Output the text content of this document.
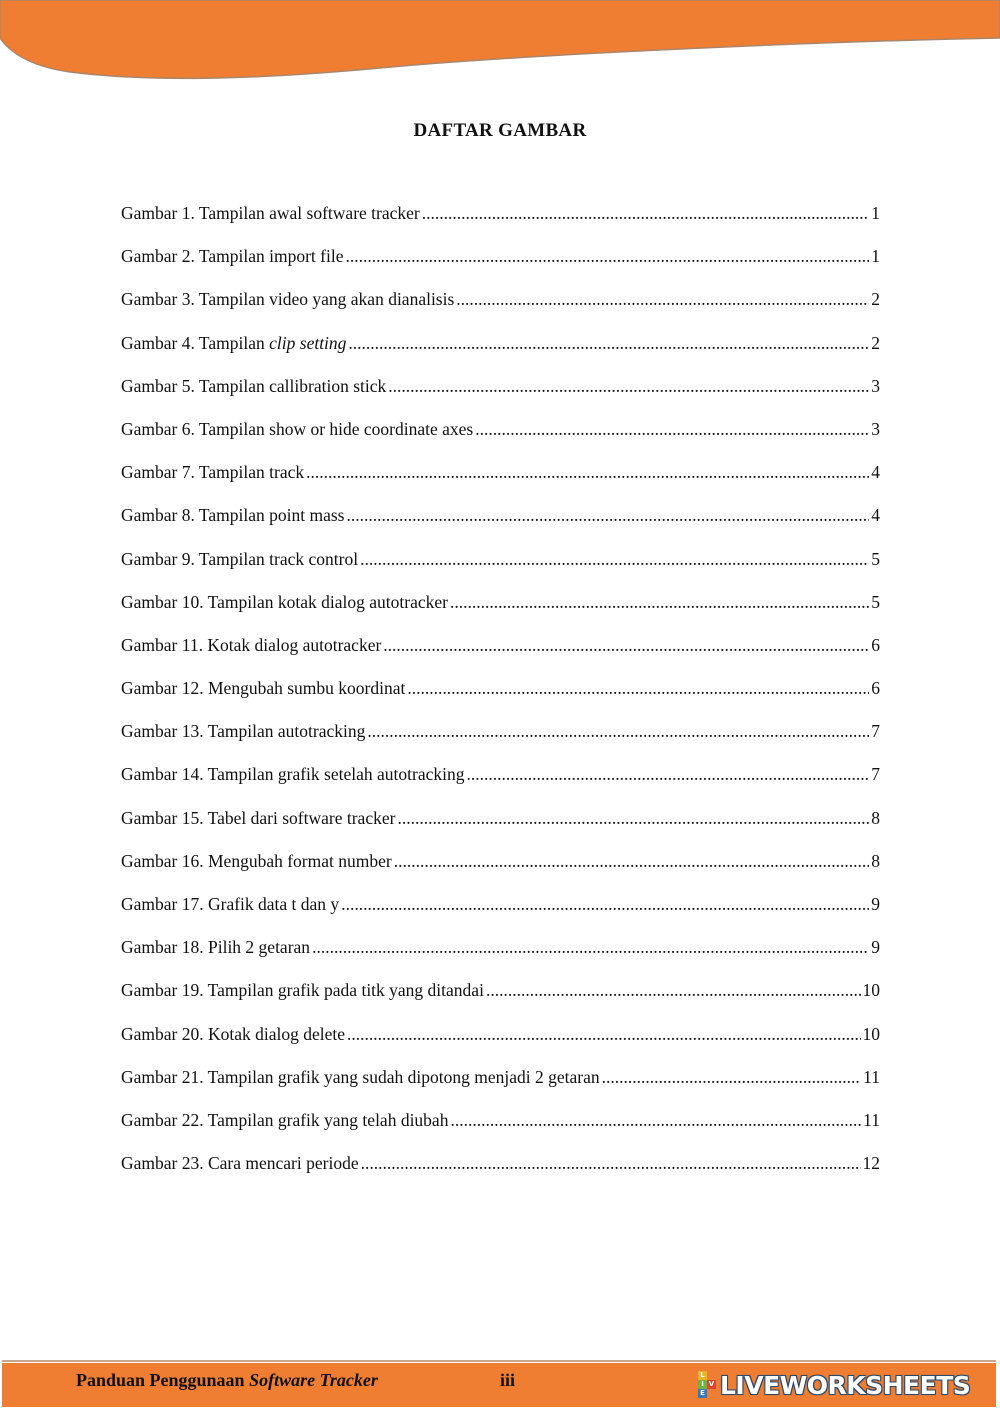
DAFTAR GAMBAR
Gambar 1. Tampilan awal software tracker .....	1
Gambar 2. Tampilan import file .....	1
Gambar 3. Tampilan video yang akan dianalisis .....	2
Gambar 4. Tampilan clip setting .....	2
Gambar 5. Tampilan callibration stick .....	3
Gambar 6. Tampilan show or hide coordinate axes .....	3
Gambar 7. Tampilan track .....	4
Gambar 8. Tampilan point mass .....	4
Gambar 9. Tampilan track control .....	5
Gambar 10. Tampilan kotak dialog autotracker .....	5
Gambar 11. Kotak dialog autotracker .....	6
Gambar 12. Mengubah sumbu koordinat .....	6
Gambar 13. Tampilan autotracking .....	7
Gambar 14. Tampilan grafik setelah autotracking .....	7
Gambar 15. Tabel dari software tracker .....	8
Gambar 16. Mengubah format number .....	8
Gambar 17. Grafik data t dan y .....	9
Gambar 18. Pilih 2 getaran .....	9
Gambar 19. Tampilan grafik pada titk yang ditandai .....	10
Gambar 20. Kotak dialog delete .....	10
Gambar 21. Tampilan grafik yang sudah dipotong menjadi 2 getaran .....	11
Gambar 22. Tampilan grafik yang telah diubah .....	11
Gambar 23. Cara mencari periode .....	12
Panduan Penggunaan Software Tracker	iii	L
I V
E LIVEWORKSHEETS
